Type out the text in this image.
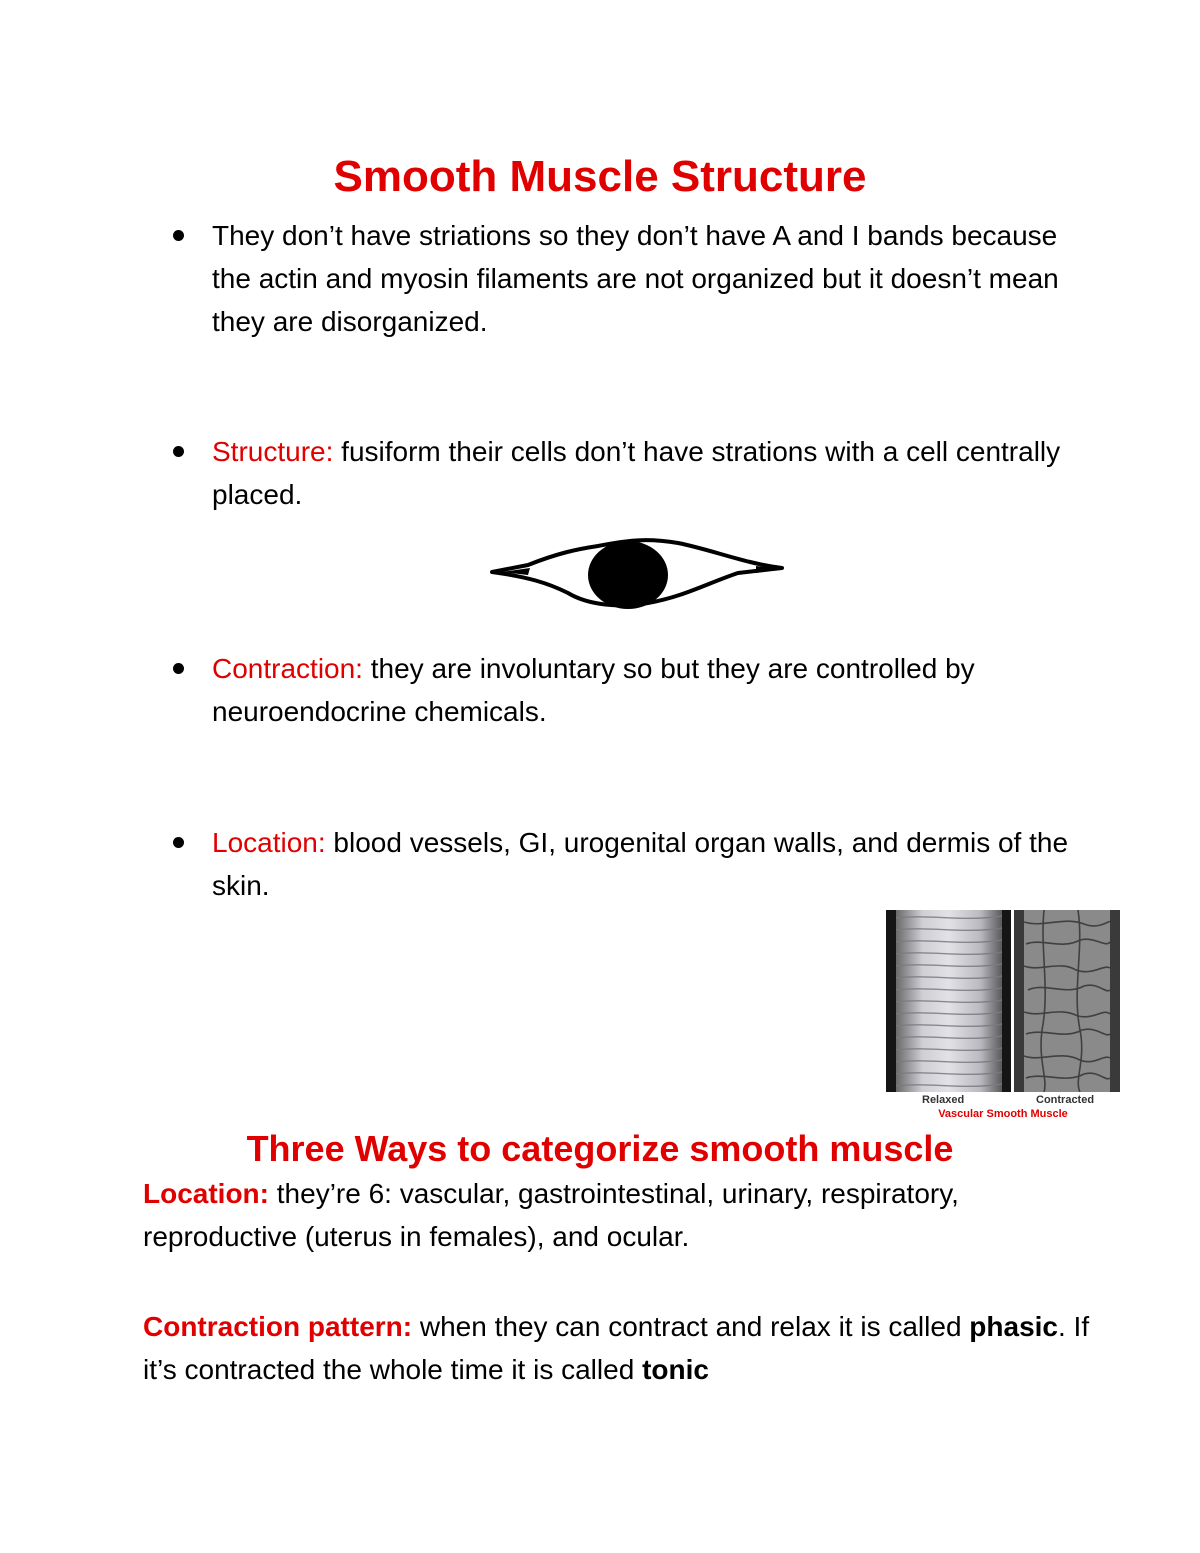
Smooth Muscle Structure
They don’t have striations so they don’t have A and I bands because the actin and myosin filaments are not organized but it doesn’t mean they are disorganized.
Structure: fusiform their cells don’t have strations with a cell centrally placed.
Contraction: they are involuntary so but they are controlled by neuroendocrine chemicals.
Location: blood vessels, GI, urogenital organ walls, and dermis of the skin.
Relaxed	Contracted
Vascular Smooth Muscle
Three Ways to categorize smooth muscle

Location: they’re 6: vascular, gastrointestinal, urinary, respiratory, reproductive (uterus in females), and ocular.

Contraction pattern: when they can contract and relax it is called phasic. If it’s contracted the whole time it is called tonic
